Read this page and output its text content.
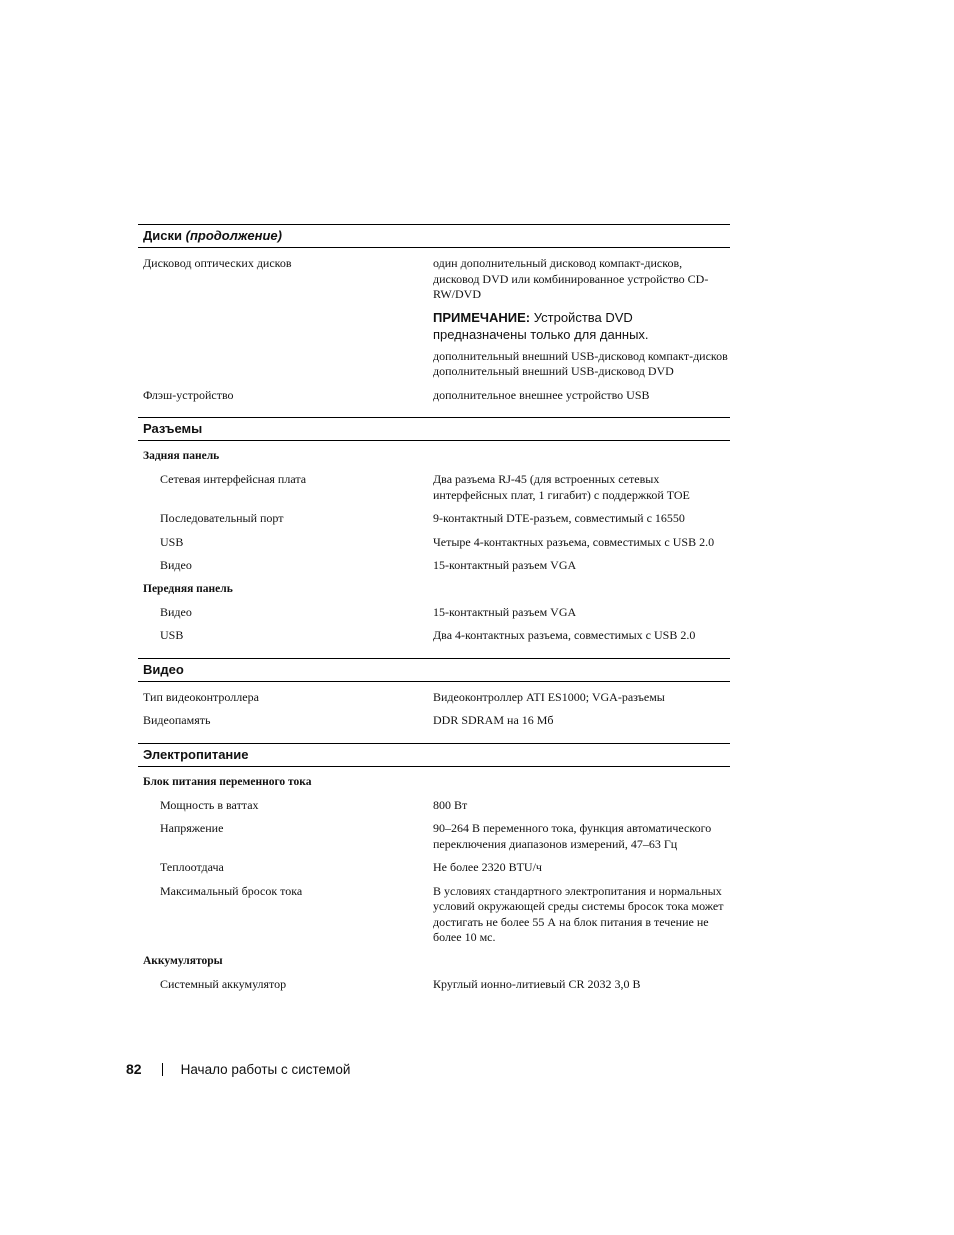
Диски (продолжение)
Дисковод оптических дисков	один дополнительный дисковод компакт-дисков, дисковод DVD или комбинированное устройство CD-RW/DVD
ПРИМЕЧАНИЕ: Устройства DVD предназначены только для данных.
дополнительный внешний USB-дисковод компакт-дисков
дополнительный внешний USB-дисковод DVD
Флэш-устройство	дополнительное внешнее устройство USB
Разъемы
Задняя панель
Сетевая интерфейсная плата	Два разъема RJ-45 (для встроенных сетевых интерфейсных плат, 1 гигабит) с поддержкой TOE
Последовательный порт	9-контактный DTE-разъем, совместимый с 16550
USB	Четыре 4-контактных разъема, совместимых с USB 2.0
Видео	15-контактный разъем VGA
Передняя панель
Видео	15-контактный разъем VGA
USB	Два 4-контактных разъема, совместимых с USB 2.0
Видео
Тип видеоконтроллера	Видеоконтроллер ATI ES1000; VGA-разъемы
Видеопамять	DDR SDRAM на 16 Мб
Электропитание
Блок питания переменного тока
Мощность в ваттах	800 Вт
Напряжение	90–264 В переменного тока, функция автоматического переключения диапазонов измерений, 47–63 Гц
Теплоотдача	Не более 2320 BTU/ч
Максимальный бросок тока	В условиях стандартного электропитания и нормальных условий окружающей среды системы бросок тока может достигать не более 55 А на блок питания в течение не более 10 мс.
Аккумуляторы
Системный аккумулятор	Круглый ионно-литиевый CR 2032 3,0 В
82	Начало работы с системой
